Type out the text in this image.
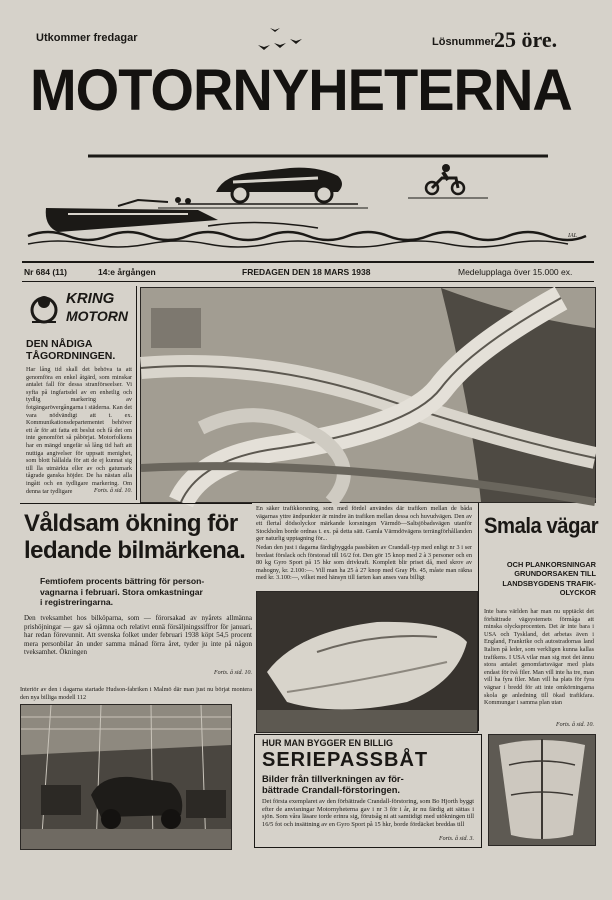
Utkommer fredagar	Lösnummer 25 öre.
MOTORNYHETERNA
IAL
Nr 684 (11)	14:e årgången	FREDAGEN DEN 18 MARS 1938	Medelupplaga över 15.000 ex.
KRING
MOTORN
DEN NÅDIGA
TÅGORDNINGEN.
Har lång tid skall det behöva ta att genomföra en enkel åtgärd, som minskar antalet fall för dessa stranförseelser. Vi syfta på ingfartsdel av en enhetlig och tydlig markering av fotgängarövergångarna i städerna. Kan det vara nödvändigt att t. ex. Kommunikationsdepartementet behöver ett år för att fatta ett beslut och få det om inte genomfört så påbörjat. Motorfolkens har en mängd ungefär så lång tid haft att nuttiga angivelser för uppsatt menighet, som blott hållalda för att de ej kunnat sig till lla utmärkta eller av och gatumark tågrade ganska höjder. De ha nästan alla ingått och en tydligare markering. Om denna tar tydligare	Forts. å sid. 10.
En säker trafikkorsning, som med fördel användes där trafiken mellan de båda vägarnas yttre ändpunkter är mindre än trafiken mellan dessa och huvudvägen. Den av ett flertal dödsolyckor märkande korsningen Värmdö—Saltsjöbadsvägen utanför Stockholm borde ordnas t. ex. på detta sätt. Gamla Värmdövägens terrängförhållanden ger naturlig upptagning för...
Nedan den just i dagarna färdigbyggda passbåten av Crandall-typ med enligt nr 3 i ser bredast förslack och förstorad till 16/2 fot. Den gör 15 knop med 2 à 3 personer och en 80 kg Gyro Sport på 15 hkr som drivkraft. Komplett blir priset då, med skrov av mahogny, kr. 2.100:—. Vill man ha 25 à 27 knop med Gray Pb. 45, måste man räkna med kr. 3.100:—, vilket med hänsyn till farten kan anses vara billigt
Våldsam ökning för
ledande bilmärkena.
Femtiofem procents bättring för person-
vagnarna i februari. Stora omkastningar
i registreringarna.
Den tveksamhet hos bilköparna, som — förorsakad av nyårets allmänna prishöjningar — gav så ojämna och relativt ennä försäljningssiffror för januari, har redan förevunnit. Att svenska folket under februari 1938 köpt 54,5 procent mera personbilar än under samma månad förra året, tyder ju inte på någon tveksamhet. Ökningen
Forts. å sid. 10.
Interiör av den i dagarna startade Hudson-fabriken i Malmö där man just nu börjat montera den nya billiga modell 112
Smala vägar
OCH PLANKORSNINGAR
GRUNDORSAKEN TILL
LANDSBYGDENS TRAFIK-
OLYCKOR
Inte bara världen har man nu upptäckt det förbättrade vägsystemets förmåga att minska olycksprocenten. Det är inte bara i USA och Tyskland, det arbetas även i England, Frankrike och autostradornas land Italien på leder, som verkligen kunna kallas trafikens. I USA vilar man sig mot det ännu stora antalet genomfartsvägar med plats endast för två filer. Man vill inte ha tre, man vill ha fyra filer. Man vill ha plats för fyra vägnar i bredd för att inte omkörningarna skola ge anledning till ökad trafikfara. Kommungar i samma plan utan
Forts. å sid. 10.
HUR MAN BYGGER EN BILLIG
SERIEPASSBÅT
Bilder från tillverkningen av för-
bättrade Crandall-förstoringen.
Det första exemplaret av den förbättrade Crandall-förstoring, som Bo Hjorth byggt efter de anvisningar Motornyheterna gav i nr 3 för i år, är nu färdig att sättas i sjön. Som våra läsare torde erinra sig, förutsåg ni att samtidigt med utökningen till 16/5 fot och insättning av en Gyro Sport på 15 hkr, borde fördäcket breddas till
Forts. å sid. 3.
